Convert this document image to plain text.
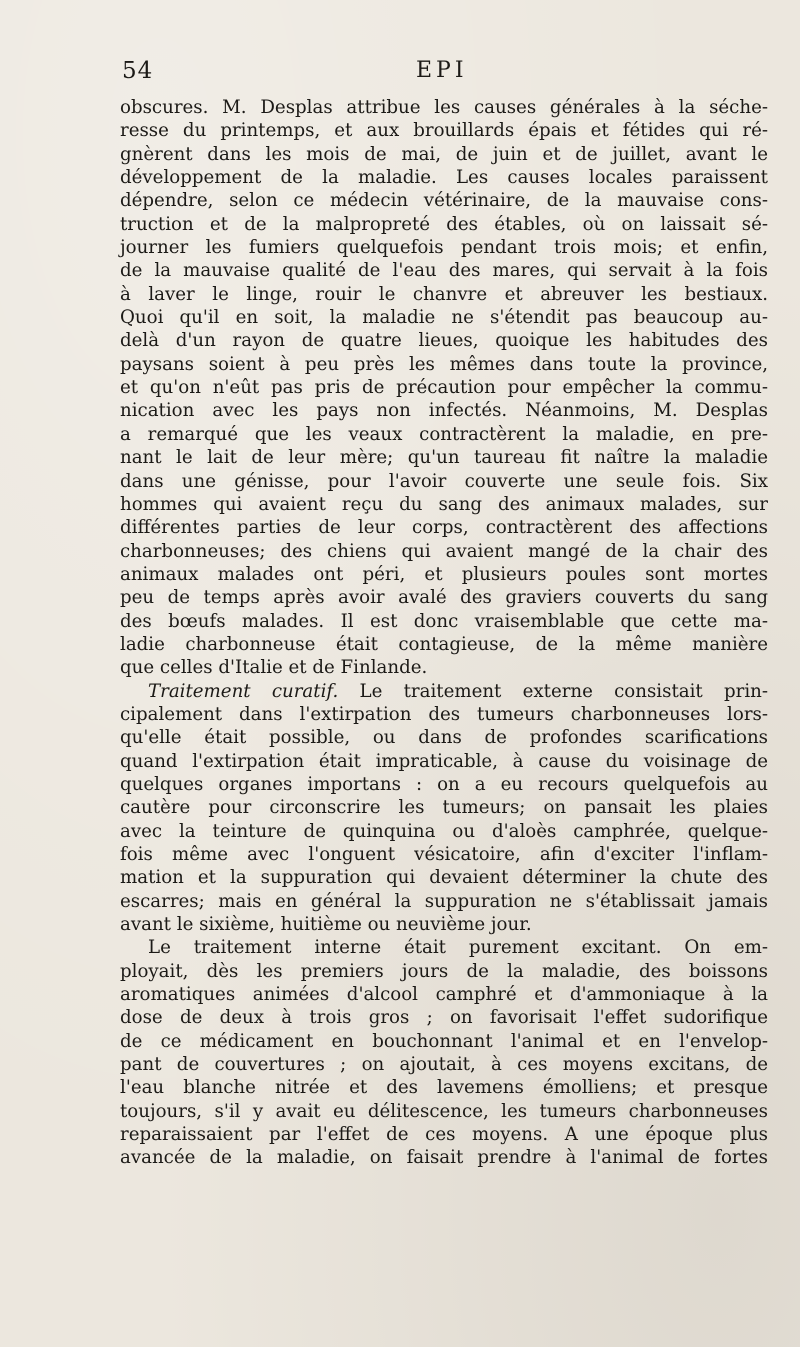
54	EPI
obscures. M. Desplas attribue les causes générales à la séche-
resse du printemps, et aux brouillards épais et fétides qui ré-
gnèrent dans les mois de mai, de juin et de juillet, avant le
développement de la maladie. Les causes locales paraissent
dépendre, selon ce médecin vétérinaire, de la mauvaise cons-
truction et de la malpropreté des étables, où on laissait sé-
journer les fumiers quelquefois pendant trois mois; et enfin,
de la mauvaise qualité de l'eau des mares, qui servait à la fois
à laver le linge, rouir le chanvre et abreuver les bestiaux.
Quoi qu'il en soit, la maladie ne s'étendit pas beaucoup au-
delà d'un rayon de quatre lieues, quoique les habitudes des
paysans soient à peu près les mêmes dans toute la province,
et qu'on n'eût pas pris de précaution pour empêcher la commu-
nication avec les pays non infectés. Néanmoins, M. Desplas
a remarqué que les veaux contractèrent la maladie, en pre-
nant le lait de leur mère; qu'un taureau fit naître la maladie
dans une génisse, pour l'avoir couverte une seule fois. Six
hommes qui avaient reçu du sang des animaux malades, sur
différentes parties de leur corps, contractèrent des affections
charbonneuses; des chiens qui avaient mangé de la chair des
animaux malades ont péri, et plusieurs poules sont mortes
peu de temps après avoir avalé des graviers couverts du sang
des bœufs malades. Il est donc vraisemblable que cette ma-
ladie charbonneuse était contagieuse, de la même manière
que celles d'Italie et de Finlande.
Traitement curatif. Le traitement externe consistait prin-
cipalement dans l'extirpation des tumeurs charbonneuses lors-
qu'elle était possible, ou dans de profondes scarifications
quand l'extirpation était impraticable, à cause du voisinage de
quelques organes importans : on a eu recours quelquefois au
cautère pour circonscrire les tumeurs; on pansait les plaies
avec la teinture de quinquina ou d'aloès camphrée, quelque-
fois même avec l'onguent vésicatoire, afin d'exciter l'inflam-
mation et la suppuration qui devaient déterminer la chute des
escarres; mais en général la suppuration ne s'établissait jamais
avant le sixième, huitième ou neuvième jour.
Le traitement interne était purement excitant. On em-
ployait, dès les premiers jours de la maladie, des boissons
aromatiques animées d'alcool camphré et d'ammoniaque à la
dose de deux à trois gros ; on favorisait l'effet sudorifique
de ce médicament en bouchonnant l'animal et en l'envelop-
pant de couvertures ; on ajoutait, à ces moyens excitans, de
l'eau blanche nitrée et des lavemens émolliens; et presque
toujours, s'il y avait eu délitescence, les tumeurs charbonneuses
reparaissaient par l'effet de ces moyens. A une époque plus
avancée de la maladie, on faisait prendre à l'animal de fortes
